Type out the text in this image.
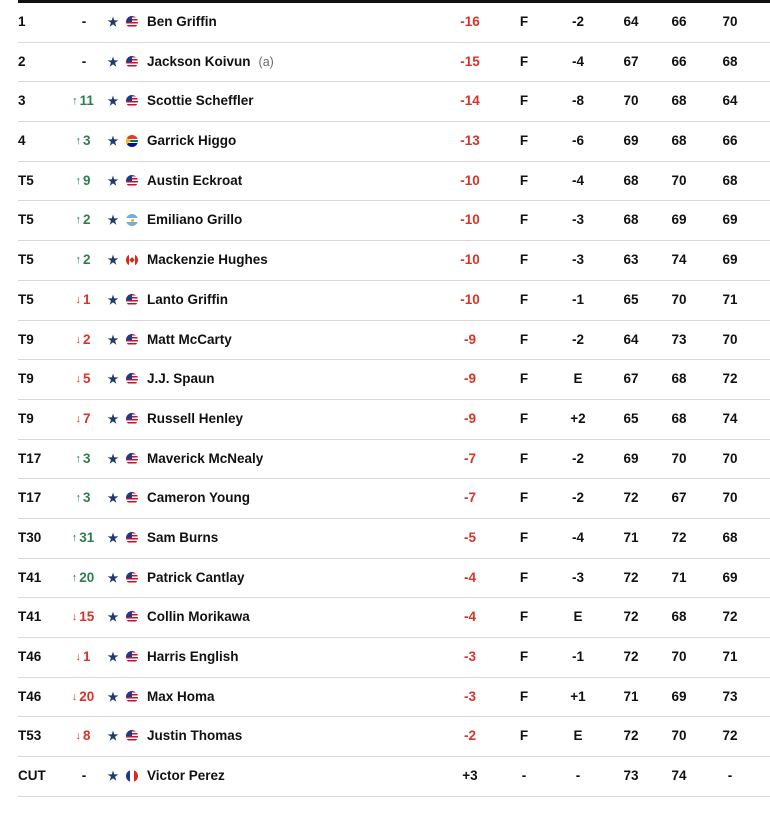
1	-	★ Ben Griffin	-16	F	-2	64	66	70
2	-	★ Jackson Koivun (a)	-15	F	-4	67	66	68
3	↑ 11	★ Scottie Scheffler	-14	F	-8	70	68	64
4	↑ 3	★ Garrick Higgo	-13	F	-6	69	68	66
T5	↑ 9	★ Austin Eckroat	-10	F	-4	68	70	68
T5	↑ 2	★ Emiliano Grillo	-10	F	-3	68	69	69
T5	↑ 2	★ Mackenzie Hughes	-10	F	-3	63	74	69
T5	↓ 1	★ Lanto Griffin	-10	F	-1	65	70	71
T9	↓ 2	★ Matt McCarty	-9	F	-2	64	73	70
T9	↓ 5	★ J.J. Spaun	-9	F	E	67	68	72
T9	↓ 7	★ Russell Henley	-9	F	+2	65	68	74
T17	↑ 3	★ Maverick McNealy	-7	F	-2	69	70	70
T17	↑ 3	★ Cameron Young	-7	F	-2	72	67	70
T30	↑ 31	★ Sam Burns	-5	F	-4	71	72	68
T41	↑ 20	★ Patrick Cantlay	-4	F	-3	72	71	69
T41	↓ 15	★ Collin Morikawa	-4	F	E	72	68	72
T46	↓ 1	★ Harris English	-3	F	-1	72	70	71
T46	↓ 20	★ Max Homa	-3	F	+1	71	69	73
T53	↓ 8	★ Justin Thomas	-2	F	E	72	70	72
CUT	-	★ Victor Perez	+3	-	-	73	74	-
